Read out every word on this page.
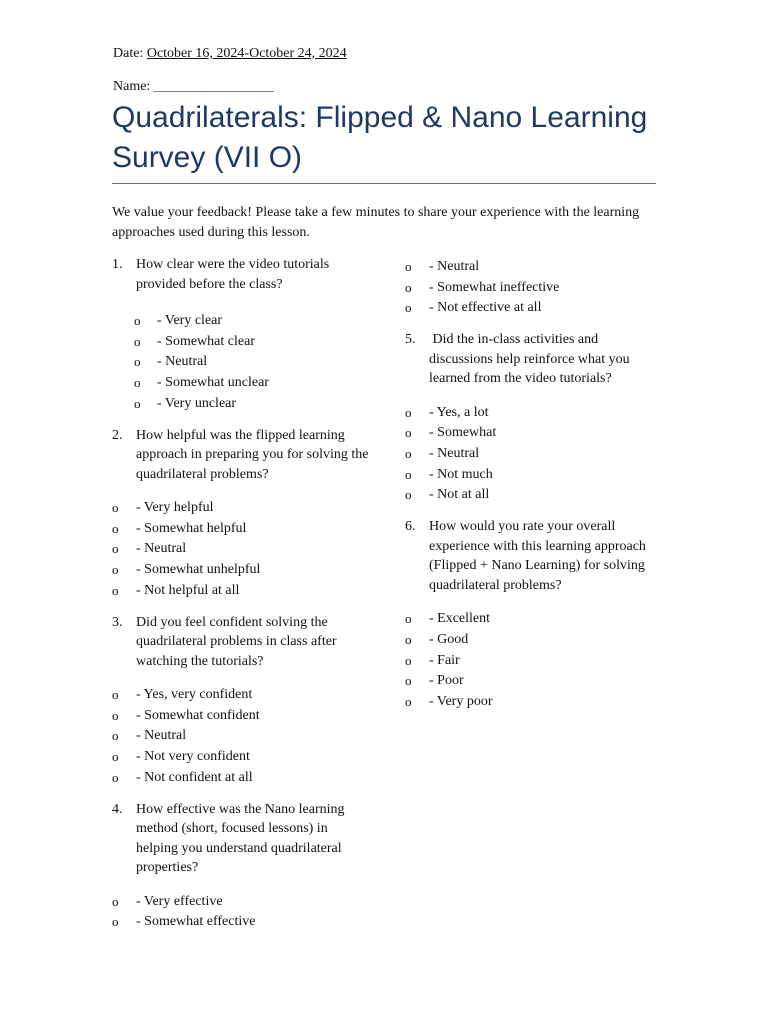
Date: October 16, 2024-October 24, 2024
Name: ________________________
Quadrilaterals: Flipped & Nano Learning Survey (VII O)
We value your feedback! Please take a few minutes to share your experience with the learning approaches used during this lesson.
1. How clear were the video tutorials provided before the class?
o - Very clear
o - Somewhat clear
o - Neutral
o - Somewhat unclear
o - Very unclear
2. How helpful was the flipped learning approach in preparing you for solving the quadrilateral problems?
o - Very helpful
o - Somewhat helpful
o - Neutral
o - Somewhat unhelpful
o - Not helpful at all
3. Did you feel confident solving the quadrilateral problems in class after watching the tutorials?
o - Yes, very confident
o - Somewhat confident
o - Neutral
o - Not very confident
o - Not confident at all
4. How effective was the Nano learning method (short, focused lessons) in helping you understand quadrilateral properties?
o - Very effective
o - Somewhat effective
o - Neutral
o - Somewhat ineffective
o - Not effective at all
5. Did the in-class activities and discussions help reinforce what you learned from the video tutorials?
o - Yes, a lot
o - Somewhat
o - Neutral
o - Not much
o - Not at all
6. How would you rate your overall experience with this learning approach (Flipped + Nano Learning) for solving quadrilateral problems?
o - Excellent
o - Good
o - Fair
o - Poor
o - Very poor
